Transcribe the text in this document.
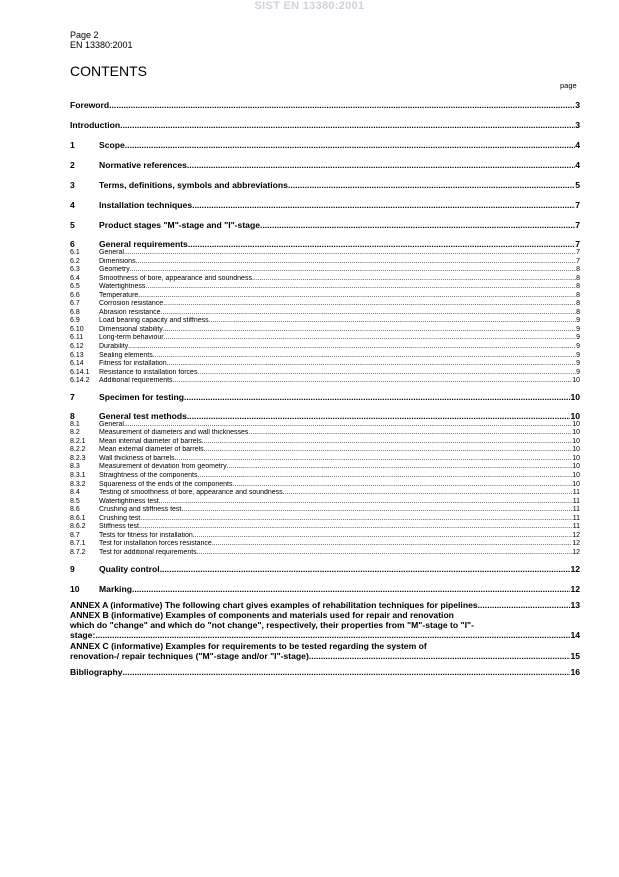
SIST EN 13380:2001
Page 2
EN 13380:2001
CONTENTS
page
Foreword .....	3
Introduction .....	3
1	Scope .....	4
2	Normative references .....	4
3	Terms, definitions, symbols and abbreviations .....	5
4	Installation techniques .....	7
5	Product stages "M"-stage and "I"-stage .....	7
6	General requirements .....	7
6.1	General .....	7
6.2	Dimensions .....	7
6.3	Geometry .....	8
6.4	Smoothness of bore, appearance and soundness .....	8
6.5	Watertightness .....	8
6.6	Temperature .....	8
6.7	Corrosion resistance .....	8
6.8	Abrasion resistance .....	8
6.9	Load bearing capacity and stiffness .....	9
6.10	Dimensional stability .....	9
6.11	Long-term behaviour .....	9
6.12	Durability .....	9
6.13	Sealing elements .....	9
6.14	Fitness for installation .....	9
6.14.1	Resistance to installation forces .....	9
6.14.2	Additional requirements .....	10
7	Specimen for testing .....	10
8	General test methods .....	10
8.1	General .....	10
8.2	Measurement of diameters and wall thicknesses .....	10
8.2.1	Mean internal diameter of barrels .....	10
8.2.2	Mean external diameter of barrels .....	10
8.2.3	Wall thickness of barrels .....	10
8.3	Measurement of deviation from geometry .....	10
8.3.1	Straightness of the components .....	10
8.3.2	Squareness of the ends of the components .....	10
8.4	Testing of smoothness of bore, appearance and soundness .....	11
8.5	Watertightness test .....	11
8.6	Crushing and stiffness test .....	11
8.6.1	Crushing test .....	11
8.6.2	Stiffness test .....	11
8.7	Tests for fitness for installation .....	12
8.7.1	Test for installation forces resistance .....	12
8.7.2	Test for additional requirements .....	12
9	Quality control .....	12
10	Marking .....	12
ANNEX A (informative) The following chart gives examples of rehabilitation techniques for pipelines. .....	13
ANNEX B (informative) Examples of components and materials used for repair and renovation
which do "change" and which do "not change", respectively, their properties from "M"-stage to "I"-
stage: .....	14
ANNEX C (informative) Examples for requirements to be tested regarding the system of
renovation-/ repair techniques ("M"-stage and/or "I"-stage) .....	15
Bibliography .....	16
